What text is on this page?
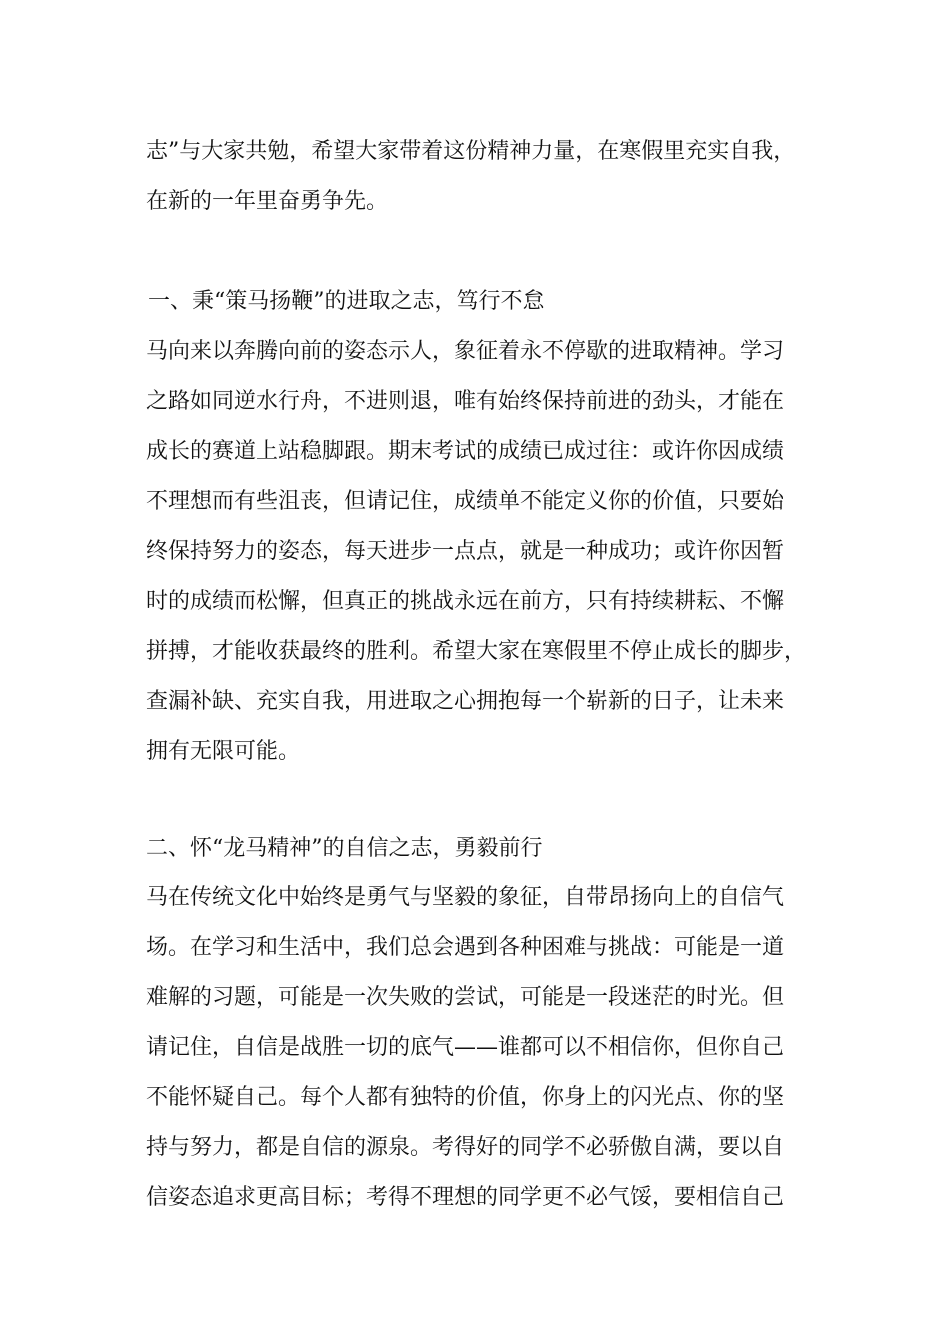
志”与大家共勉，希望大家带着这份精神力量，在寒假里充实自我，
在新的一年里奋勇争先。
一、秉“策马扬鞭”的进取之志，笃行不怠
马向来以奔腾向前的姿态示人，象征着永不停歇的进取精神。学习
之路如同逆水行舟，不进则退，唯有始终保持前进的劲头，才能在
成长的赛道上站稳脚跟。期末考试的成绩已成过往：或许你因成绩
不理想而有些沮丧，但请记住，成绩单不能定义你的价值，只要始
终保持努力的姿态，每天进步一点点，就是一种成功；或许你因暂
时的成绩而松懈，但真正的挑战永远在前方，只有持续耕耘、不懈
拼搏，才能收获最终的胜利。希望大家在寒假里不停止成长的脚步，
查漏补缺、充实自我，用进取之心拥抱每一个崭新的日子，让未来
拥有无限可能。
二、怀“龙马精神”的自信之志，勇毅前行
马在传统文化中始终是勇气与坚毅的象征，自带昂扬向上的自信气
场。在学习和生活中，我们总会遇到各种困难与挑战：可能是一道
难解的习题，可能是一次失败的尝试，可能是一段迷茫的时光。但
请记住，自信是战胜一切的底气——谁都可以不相信你，但你自己
不能怀疑自己。每个人都有独特的价值，你身上的闪光点、你的坚
持与努力，都是自信的源泉。考得好的同学不必骄傲自满，要以自
信姿态追求更高目标；考得不理想的同学更不必气馁，要相信自己
